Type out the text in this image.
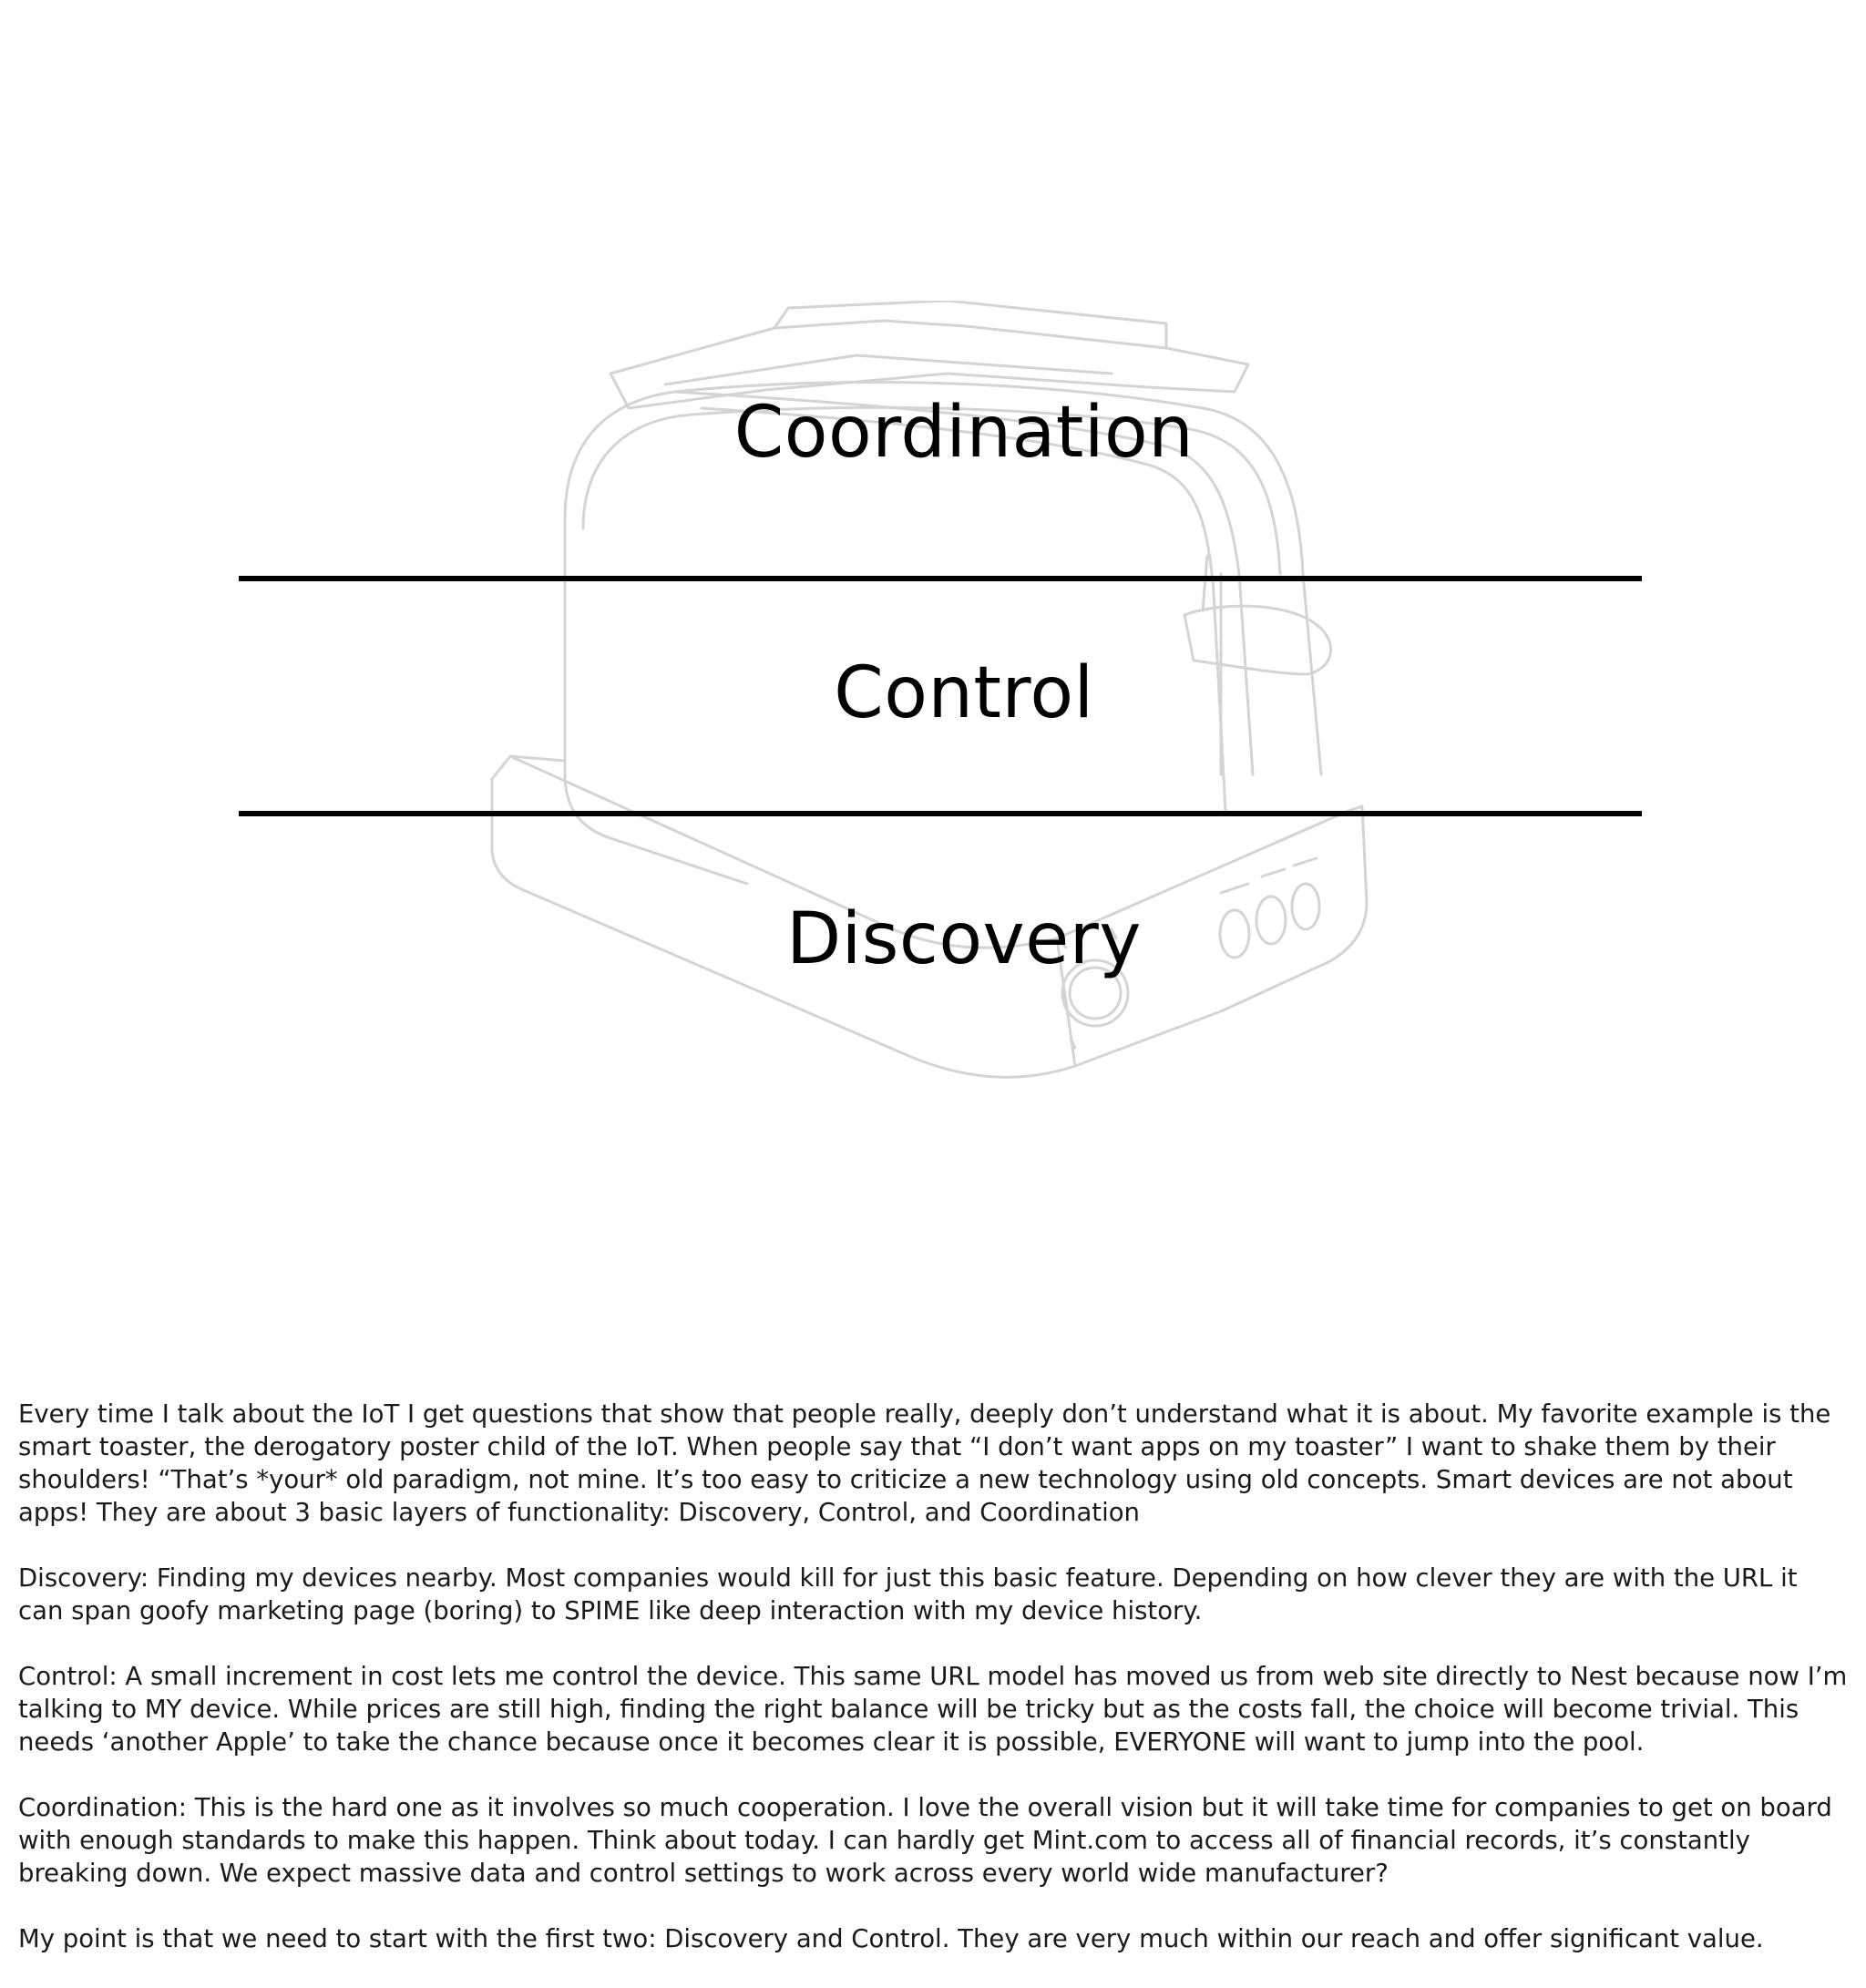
Coordination
Control
Discovery

Every time I talk about the IoT I get questions that show that people really, deeply don’t understand what it is about. My favorite example is the smart toaster, the derogatory poster child of the IoT. When people say that “I don’t want apps on my toaster” I want to shake them by their shoulders! “That’s *your* old paradigm, not mine. It’s too easy to criticize a new technology using old concepts. Smart devices are not about apps! They are about 3 basic layers of functionality: Discovery, Control, and Coordination

Discovery: Finding my devices nearby. Most companies would kill for just this basic feature. Depending on how clever they are with the URL it can span goofy marketing page (boring) to SPIME like deep interaction with my device history.

Control: A small increment in cost lets me control the device. This same URL model has moved us from web site directly to Nest because now I’m talking to MY device. While prices are still high, finding the right balance will be tricky but as the costs fall, the choice will become trivial. This needs ‘another Apple’ to take the chance because once it becomes clear it is possible, EVERYONE will want to jump into the pool.

Coordination: This is the hard one as it involves so much cooperation. I love the overall vision but it will take time for companies to get on board with enough standards to make this happen. Think about today. I can hardly get Mint.com to access all of financial records, it’s constantly breaking down. We expect massive data and control settings to work across every world wide manufacturer?

My point is that we need to start with the first two: Discovery and Control. They are very much within our reach and offer significant value.
